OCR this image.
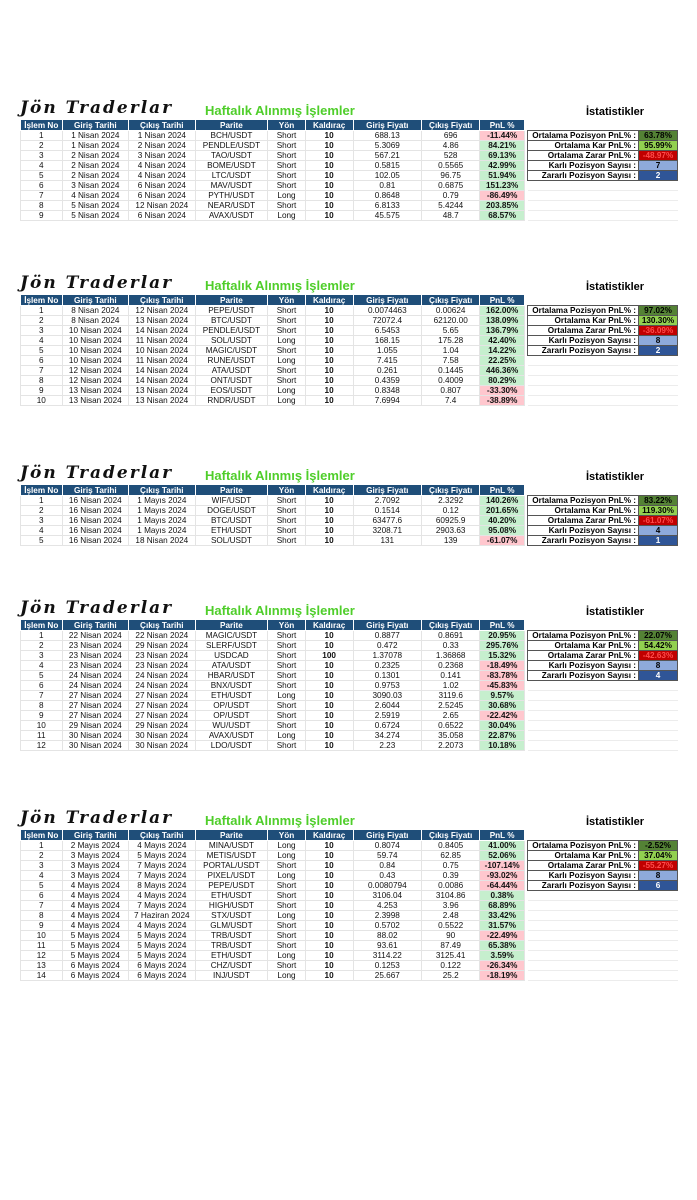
Jön Traderlar Haftalık Alınmış İşlemler	İstatistikler
İşlem No	Giriş Tarihi	Çıkış Tarihi	Parite	Yön	Kaldıraç	Giriş Fiyatı	Çıkış Fiyatı	PnL %
1	1 Nisan 2024	1 Nisan 2024	BCH/USDT	Short	10	688.13	696	-11.44%
2	1 Nisan 2024	2 Nisan 2024	PENDLE/USDT	Short	10	5.3069	4.86	84.21%
3	2 Nisan 2024	3 Nisan 2024	TAO/USDT	Short	10	567.21	528	69.13%
4	2 Nisan 2024	4 Nisan 2024	BOME/USDT	Short	10	0.5815	0.5565	42.99%
5	2 Nisan 2024	4 Nisan 2024	LTC/USDT	Short	10	102.05	96.75	51.94%
6	3 Nisan 2024	6 Nisan 2024	MAV/USDT	Short	10	0.81	0.6875	151.23%
7	4 Nisan 2024	6 Nisan 2024	PYTH/USDT	Long	10	0.8648	0.79	-86.49%
8	5 Nisan 2024	12 Nisan 2024	NEAR/USDT	Short	10	6.8133	5.4244	203.85%
9	5 Nisan 2024	6 Nisan 2024	AVAX/USDT	Long	10	45.575	48.7	68.57%
Ortalama Pozisyon PnL% :	63.78%
Ortalama Kar PnL% :	95.99%
Ortalama Zarar PnL% :	-48.97%
Karlı Pozisyon Sayısı :	7
Zararlı Pozisyon Sayısı :	2

Jön Traderlar Haftalık Alınmış İşlemler	İstatistikler
İşlem No	Giriş Tarihi	Çıkış Tarihi	Parite	Yön	Kaldıraç	Giriş Fiyatı	Çıkış Fiyatı	PnL %
1	8 Nisan 2024	12 Nisan 2024	PEPE/USDT	Short	10	0.0074463	0.00624	162.00%
2	8 Nisan 2024	13 Nisan 2024	BTC/USDT	Short	10	72072.4	62120.00	138.09%
3	10 Nisan 2024	14 Nisan 2024	PENDLE/USDT	Short	10	6.5453	5.65	136.79%
4	10 Nisan 2024	11 Nisan 2024	SOL/USDT	Long	10	168.15	175.28	42.40%
5	10 Nisan 2024	10 Nisan 2024	MAGIC/USDT	Short	10	1.055	1.04	14.22%
6	10 Nisan 2024	11 Nisan 2024	RUNE/USDT	Long	10	7.415	7.58	22.25%
7	12 Nisan 2024	14 Nisan 2024	ATA/USDT	Short	10	0.261	0.1445	446.36%
8	12 Nisan 2024	14 Nisan 2024	ONT/USDT	Short	10	0.4359	0.4009	80.29%
9	13 Nisan 2024	13 Nisan 2024	EOS/USDT	Long	10	0.8348	0.807	-33.30%
10	13 Nisan 2024	13 Nisan 2024	RNDR/USDT	Long	10	7.6994	7.4	-38.89%
Ortalama Pozisyon PnL% :	97.02%
Ortalama Kar PnL% :	130.30%
Ortalama Zarar PnL% :	-36.09%
Karlı Pozisyon Sayısı :	8
Zararlı Pozisyon Sayısı :	2

Jön Traderlar Haftalık Alınmış İşlemler	İstatistikler
İşlem No	Giriş Tarihi	Çıkış Tarihi	Parite	Yön	Kaldıraç	Giriş Fiyatı	Çıkış Fiyatı	PnL %
1	16 Nisan 2024	1 Mayıs 2024	WIF/USDT	Short	10	2.7092	2.3292	140.26%
2	16 Nisan 2024	1 Mayıs 2024	DOGE/USDT	Short	10	0.1514	0.12	201.65%
3	16 Nisan 2024	1 Mayıs 2024	BTC/USDT	Short	10	63477.6	60925.9	40.20%
4	16 Nisan 2024	1 Mayıs 2024	ETH/USDT	Short	10	3208.71	2903.63	95.08%
5	16 Nisan 2024	18 Nisan 2024	SOL/USDT	Short	10	131	139	-61.07%
Ortalama Pozisyon PnL% :	83.22%
Ortalama Kar PnL% :	119.30%
Ortalama Zarar PnL% :	-61.07%
Karlı Pozisyon Sayısı :	4
Zararlı Pozisyon Sayısı :	1
Jön Traderlar Haftalık Alınmış İşlemler	İstatistikler
İşlem No	Giriş Tarihi	Çıkış Tarihi	Parite	Yön	Kaldıraç	Giriş Fiyatı	Çıkış Fiyatı	PnL %
1	22 Nisan 2024	22 Nisan 2024	MAGIC/USDT	Short	10	0.8877	0.8691	20.95%
2	23 Nisan 2024	29 Nisan 2024	SLERF/USDT	Short	10	0.472	0.33	295.76%
3	23 Nisan 2024	23 Nisan 2024	USDCAD	Short	100	1.37078	1.36868	15.32%
4	23 Nisan 2024	23 Nisan 2024	ATA/USDT	Short	10	0.2325	0.2368	-18.49%
5	24 Nisan 2024	24 Nisan 2024	HBAR/USDT	Short	10	0.1301	0.141	-83.78%
6	24 Nisan 2024	24 Nisan 2024	BNX/USDT	Short	10	0.9753	1.02	-45.83%
7	27 Nisan 2024	27 Nisan 2024	ETH/USDT	Long	10	3090.03	3119.6	9.57%
8	27 Nisan 2024	27 Nisan 2024	OP/USDT	Short	10	2.6044	2.5245	30.68%
9	27 Nisan 2024	27 Nisan 2024	OP/USDT	Short	10	2.5919	2.65	-22.42%
10	29 Nisan 2024	29 Nisan 2024	WU/USDT	Short	10	0.6724	0.6522	30.04%
11	30 Nisan 2024	30 Nisan 2024	AVAX/USDT	Long	10	34.274	35.058	22.87%
12	30 Nisan 2024	30 Nisan 2024	LDO/USDT	Short	10	2.23	2.2073	10.18%
Ortalama Pozisyon PnL% :	22.07%
Ortalama Kar PnL% :	54.42%
Ortalama Zarar PnL% :	-42.63%
Karlı Pozisyon Sayısı :	8
Zararlı Pozisyon Sayısı :	4

Jön Traderlar Haftalık Alınmış İşlemler	İstatistikler
İşlem No	Giriş Tarihi	Çıkış Tarihi	Parite	Yön	Kaldıraç	Giriş Fiyatı	Çıkış Fiyatı	PnL %
1	2 Mayıs 2024	4 Mayıs 2024	MINA/USDT	Long	10	0.8074	0.8405	41.00%
2	3 Mayıs 2024	5 Mayıs 2024	METIS/USDT	Long	10	59.74	62.85	52.06%
3	3 Mayıs 2024	7 Mayıs 2024	PORTAL/USDT	Short	10	0.84	0.75	-107.14%
4	3 Mayıs 2024	7 Mayıs 2024	PIXEL/USDT	Long	10	0.43	0.39	-93.02%
5	4 Mayıs 2024	8 Mayıs 2024	PEPE/USDT	Short	10	0.0080794	0.0086	-64.44%
6	4 Mayıs 2024	4 Mayıs 2024	ETH/USDT	Short	10	3106.04	3104.86	0.38%
7	4 Mayıs 2024	7 Mayıs 2024	HIGH/USDT	Short	10	4.253	3.96	68.89%
8	4 Mayıs 2024	7 Haziran 2024	STX/USDT	Long	10	2.3998	2.48	33.42%
9	4 Mayıs 2024	4 Mayıs 2024	GLM/USDT	Short	10	0.5702	0.5522	31.57%
10	5 Mayıs 2024	5 Mayıs 2024	TRB/USDT	Short	10	88.02	90	-22.49%
11	5 Mayıs 2024	5 Mayıs 2024	TRB/USDT	Short	10	93.61	87.49	65.38%
12	5 Mayıs 2024	5 Mayıs 2024	ETH/USDT	Long	10	3114.22	3125.41	3.59%
13	6 Mayıs 2024	6 Mayıs 2024	CHZ/USDT	Short	10	0.1253	0.122	-26.34%
14	6 Mayıs 2024	6 Mayıs 2024	INJ/USDT	Long	10	25.667	25.2	-18.19%
Ortalama Pozisyon PnL% :	-2.52%
Ortalama Kar PnL% :	37.04%
Ortalama Zarar PnL% :	-55.27%
Karlı Pozisyon Sayısı :	8
Zararlı Pozisyon Sayısı :	6
